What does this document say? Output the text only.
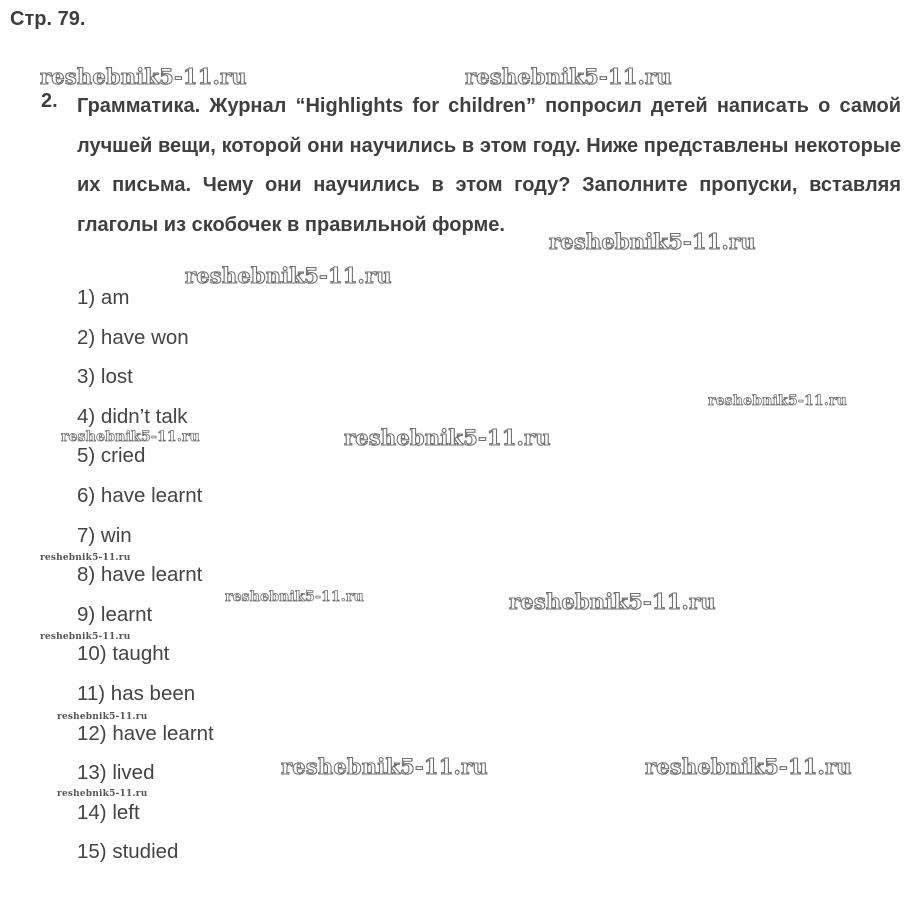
Стр. 79.
2. Грамматика. Журнал “Highlights for children” попросил детей написать о самой лучшей вещи, которой они научились в этом году. Ниже представлены некоторые их письма. Чему они научились в этом году? Заполните пропуски, вставляя глаголы из скобочек в правильной форме.
1) am
2) have won
3) lost
4) didn’t talk
5) cried
6) have learnt
7) win
8) have learnt
9) learnt
10) taught
11) has been
12) have learnt
13) lived
14) left
15) studied
reshebnik5-11.ru	reshebnik5-11.ru
reshebnik5-11.ru
reshebnik5-11.ru
reshebnik5-11.ru
reshebnik5-11.ru	reshebnik5-11.ru
reshebnik5-11.ru
reshebnik5-11.ru	reshebnik5-11.ru
reshebnik5-11.ru
reshebnik5-11.ru
reshebnik5-11.ru	reshebnik5-11.ru
reshebnik5-11.ru
